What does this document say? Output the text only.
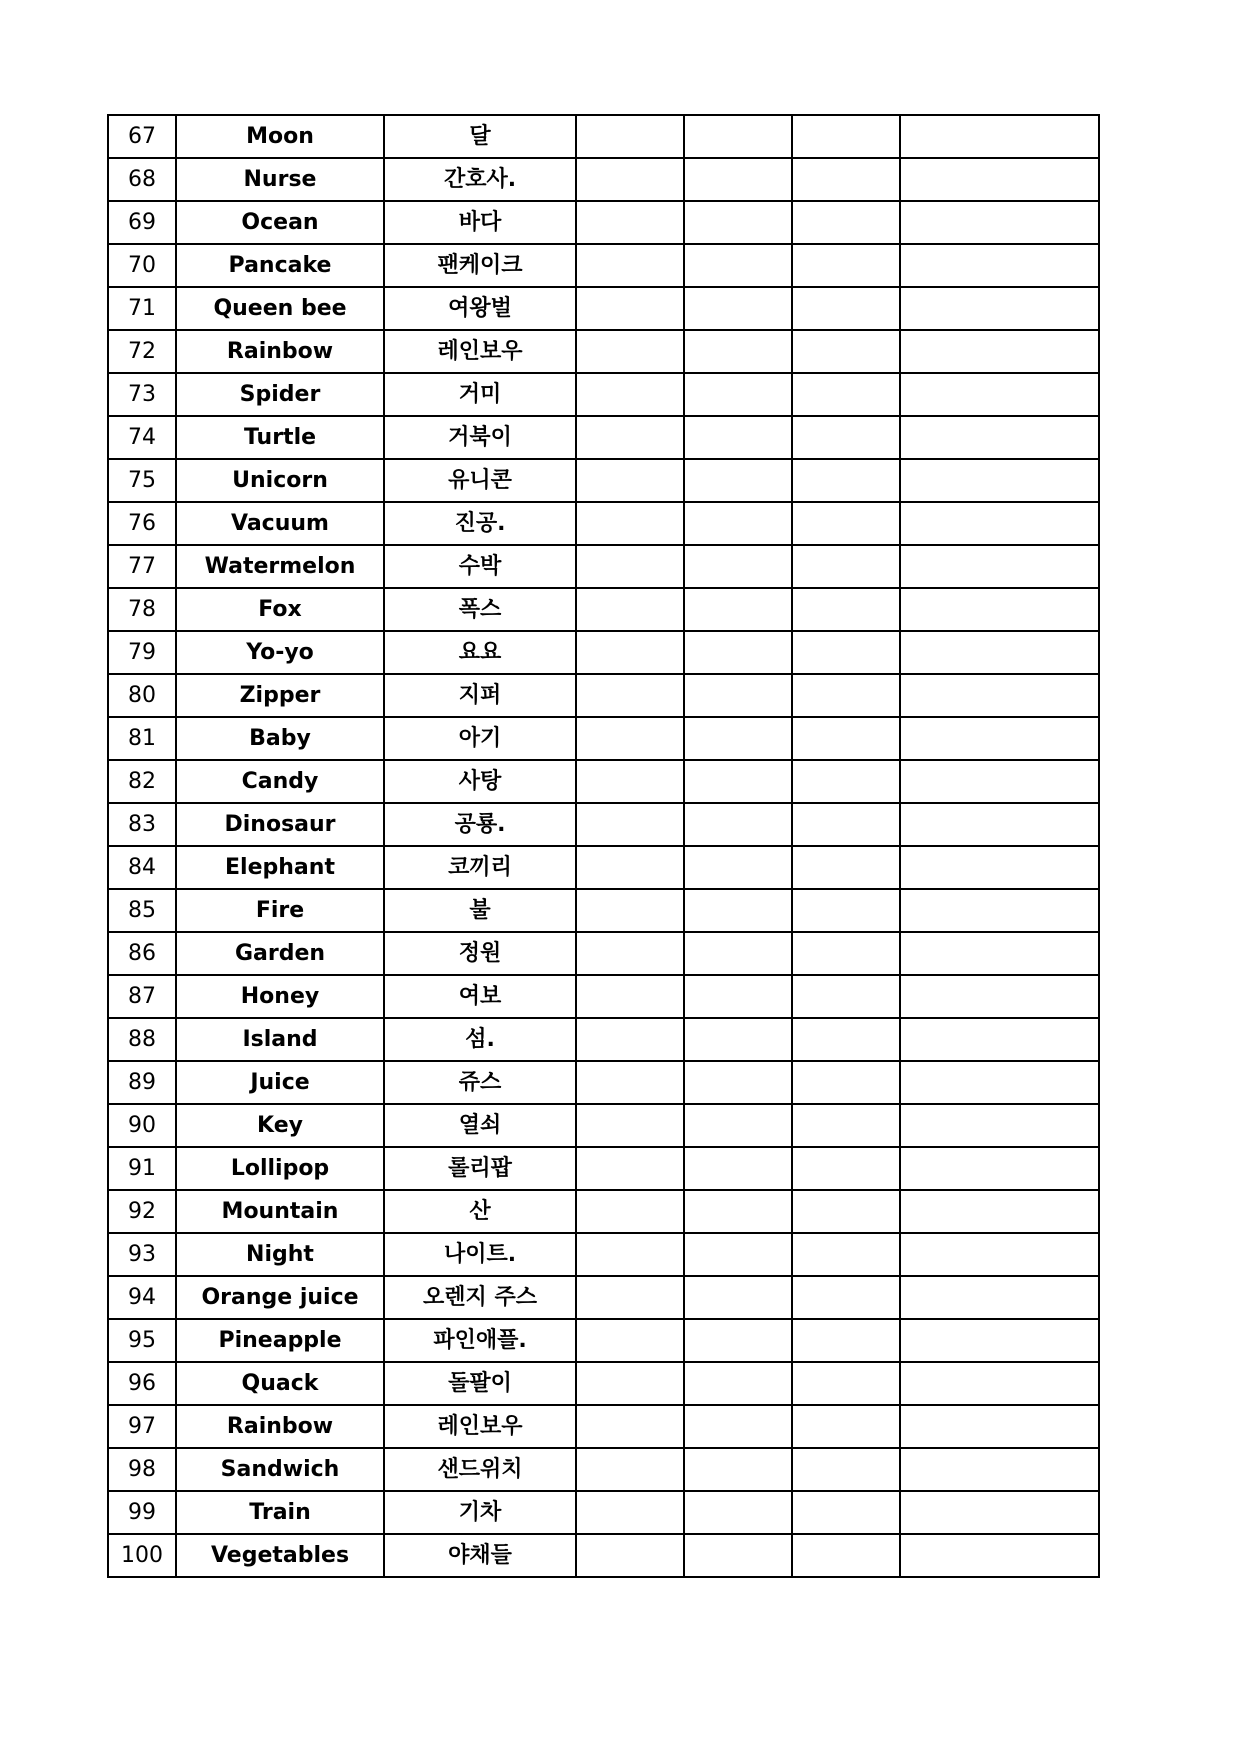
67	Moon	달				
68	Nurse	간호사.				
69	Ocean	바다				
70	Pancake	팬케이크				
71	Queen bee	여왕벌				
72	Rainbow	레인보우				
73	Spider	거미				
74	Turtle	거북이				
75	Unicorn	유니콘				
76	Vacuum	진공.				
77	Watermelon	수박				
78	Fox	폭스				
79	Yo-yo	요요				
80	Zipper	지퍼				
81	Baby	아기				
82	Candy	사탕				
83	Dinosaur	공룡.				
84	Elephant	코끼리				
85	Fire	불				
86	Garden	정원				
87	Honey	여보				
88	Island	섬.				
89	Juice	쥬스				
90	Key	열쇠				
91	Lollipop	롤리팝				
92	Mountain	산				
93	Night	나이트.				
94	Orange juice	오렌지 주스				
95	Pineapple	파인애플.				
96	Quack	돌팔이				
97	Rainbow	레인보우				
98	Sandwich	샌드위치				
99	Train	기차				
100	Vegetables	야채들				
